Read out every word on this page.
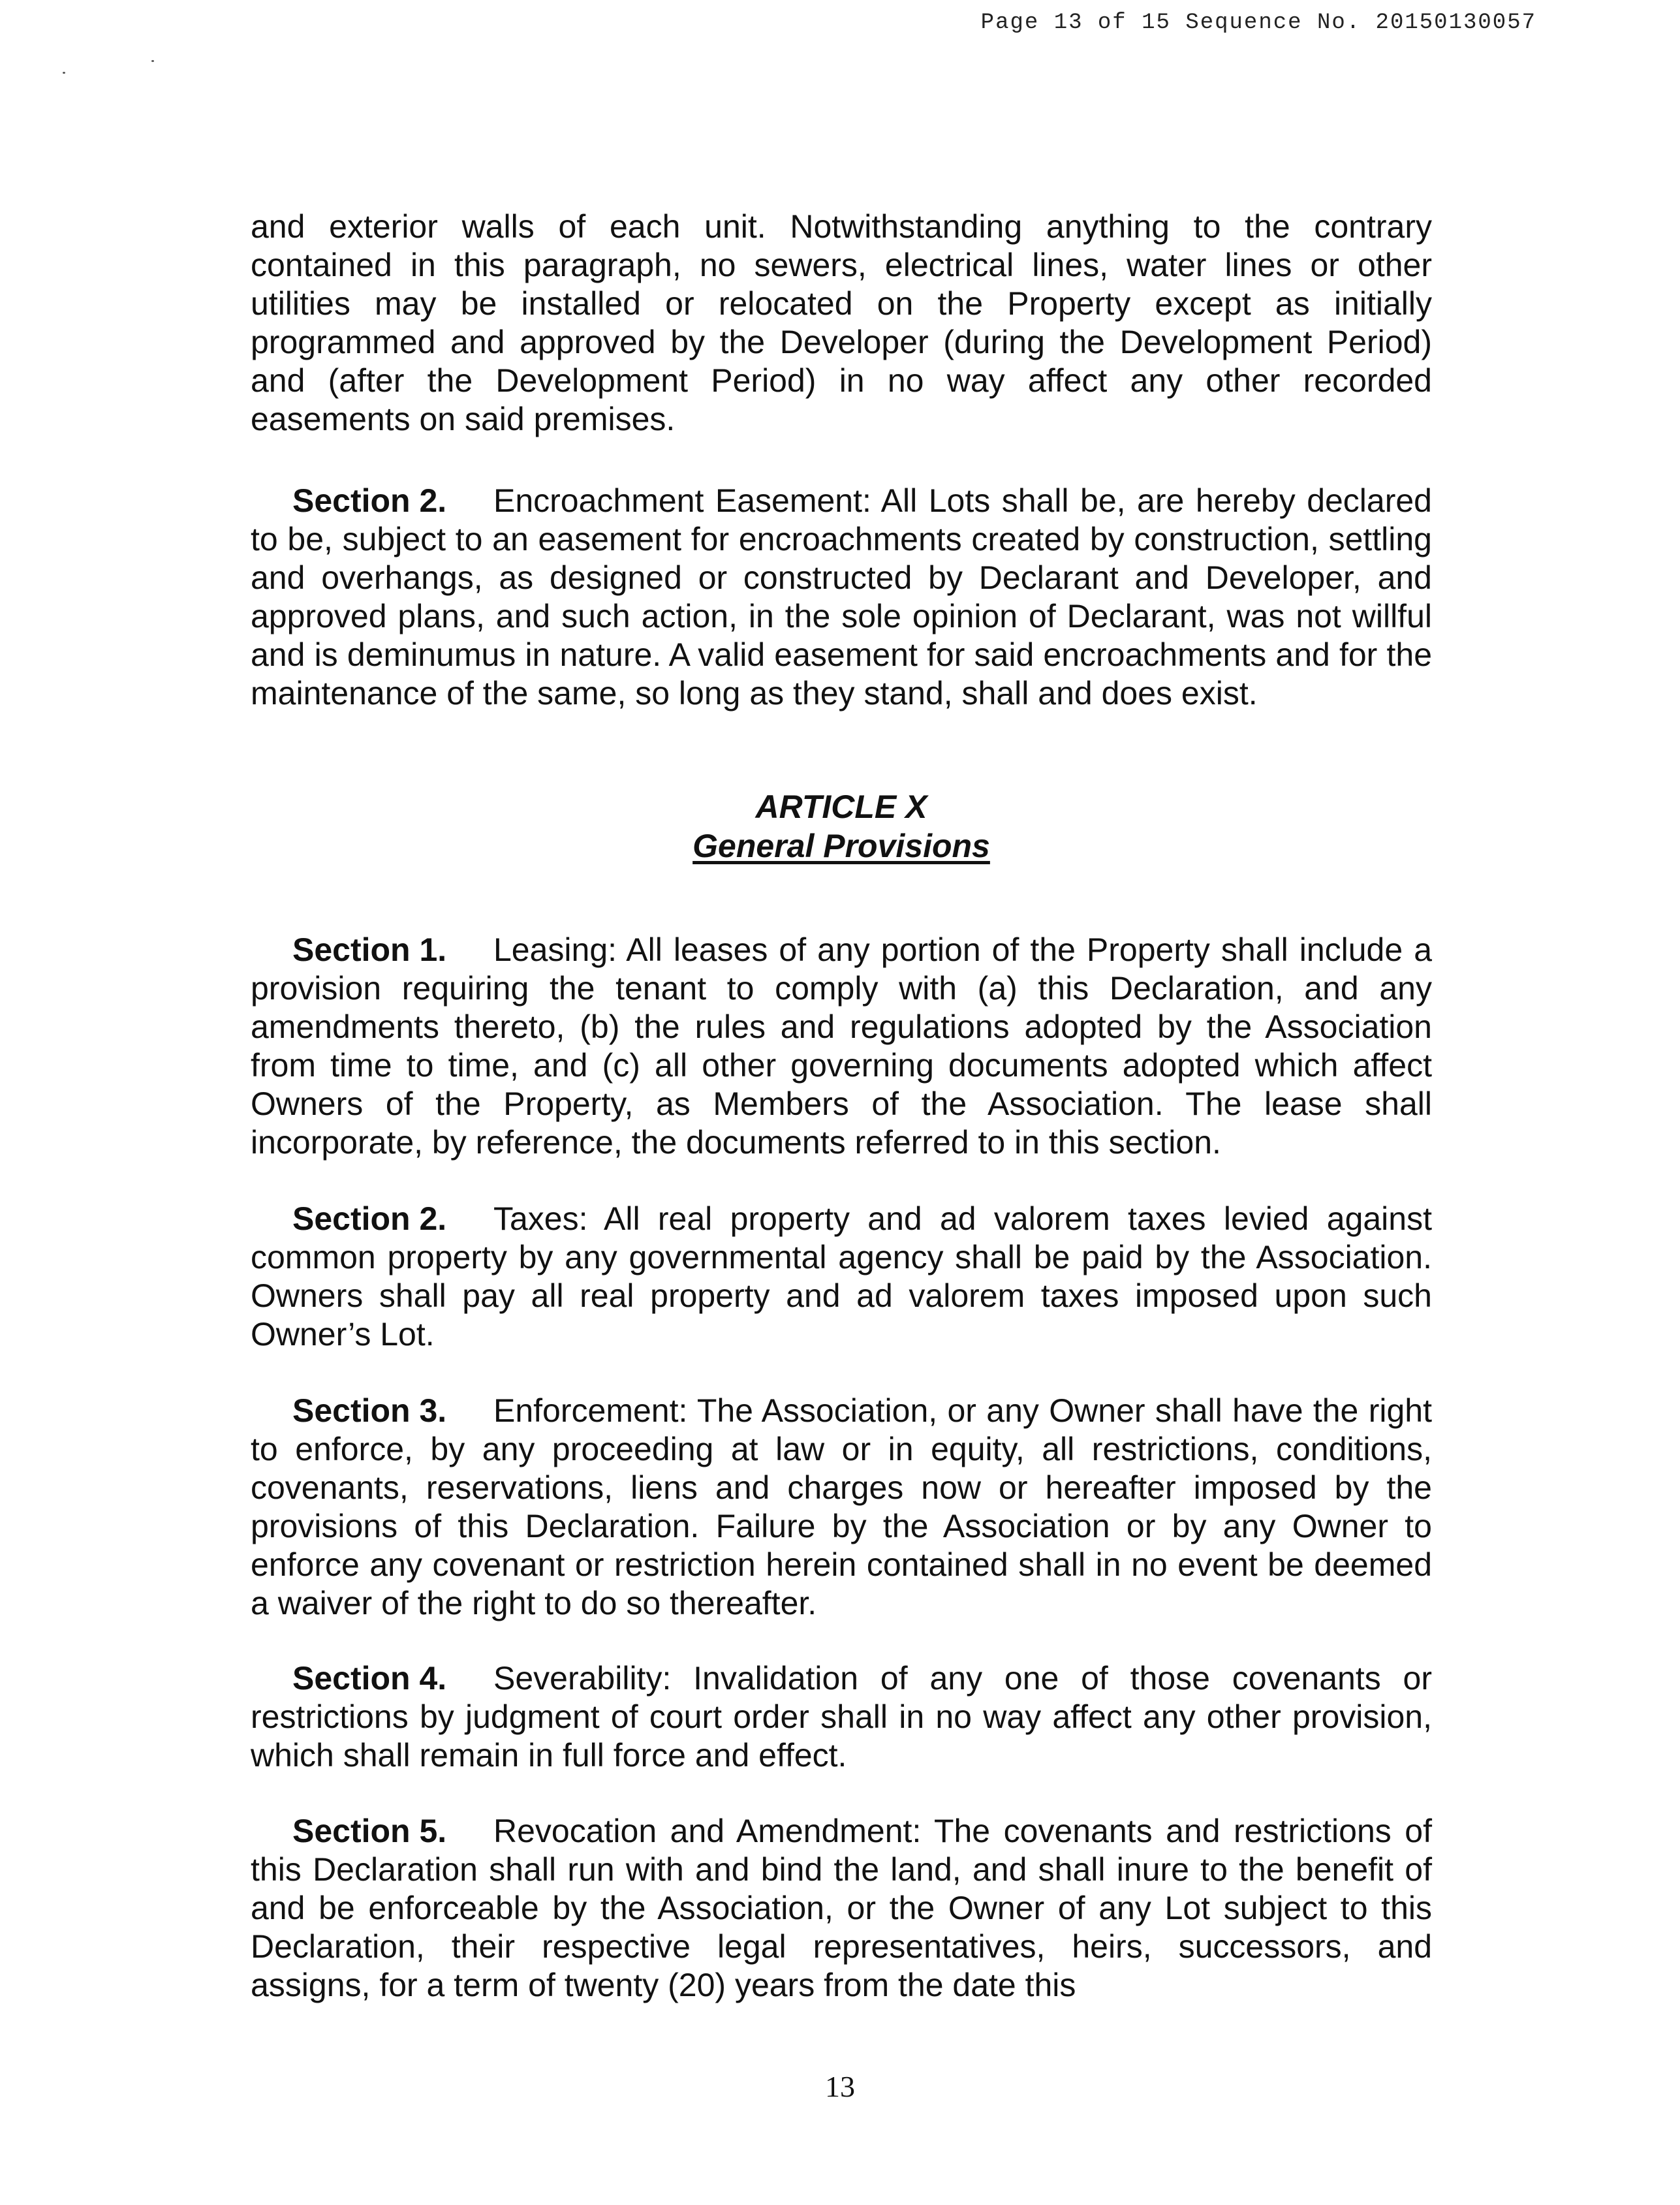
Page 13 of 15 Sequence No. 20150130057

and exterior walls of each unit. Notwithstanding anything to the contrary contained in this paragraph, no sewers, electrical lines, water lines or other utilities may be installed or relocated on the Property except as initially programmed and approved by the Developer (during the Development Period) and (after the Development Period) in no way affect any other recorded easements on said premises.

Section 2. Encroachment Easement: All Lots shall be, are hereby declared to be, subject to an easement for encroachments created by construction, settling and overhangs, as designed or constructed by Declarant and Developer, and approved plans, and such action, in the sole opinion of Declarant, was not willful and is deminumus in nature. A valid easement for said encroachments and for the maintenance of the same, so long as they stand, shall and does exist.

ARTICLE X
General Provisions

Section 1. Leasing: All leases of any portion of the Property shall include a provision requiring the tenant to comply with (a) this Declaration, and any amendments thereto, (b) the rules and regulations adopted by the Association from time to time, and (c) all other governing documents adopted which affect Owners of the Property, as Members of the Association. The lease shall incorporate, by reference, the documents referred to in this section.

Section 2. Taxes: All real property and ad valorem taxes levied against common property by any governmental agency shall be paid by the Association. Owners shall pay all real property and ad valorem taxes imposed upon such Owner’s Lot.

Section 3. Enforcement: The Association, or any Owner shall have the right to enforce, by any proceeding at law or in equity, all restrictions, conditions, covenants, reservations, liens and charges now or hereafter imposed by the provisions of this Declaration. Failure by the Association or by any Owner to enforce any covenant or restriction herein contained shall in no event be deemed a waiver of the right to do so thereafter.

Section 4. Severability: Invalidation of any one of those covenants or restrictions by judgment of court order shall in no way affect any other provision, which shall remain in full force and effect.

Section 5. Revocation and Amendment: The covenants and restrictions of this Declaration shall run with and bind the land, and shall inure to the benefit of and be enforceable by the Association, or the Owner of any Lot subject to this Declaration, their respective legal representatives, heirs, successors, and assigns, for a term of twenty (20) years from the date this

13
